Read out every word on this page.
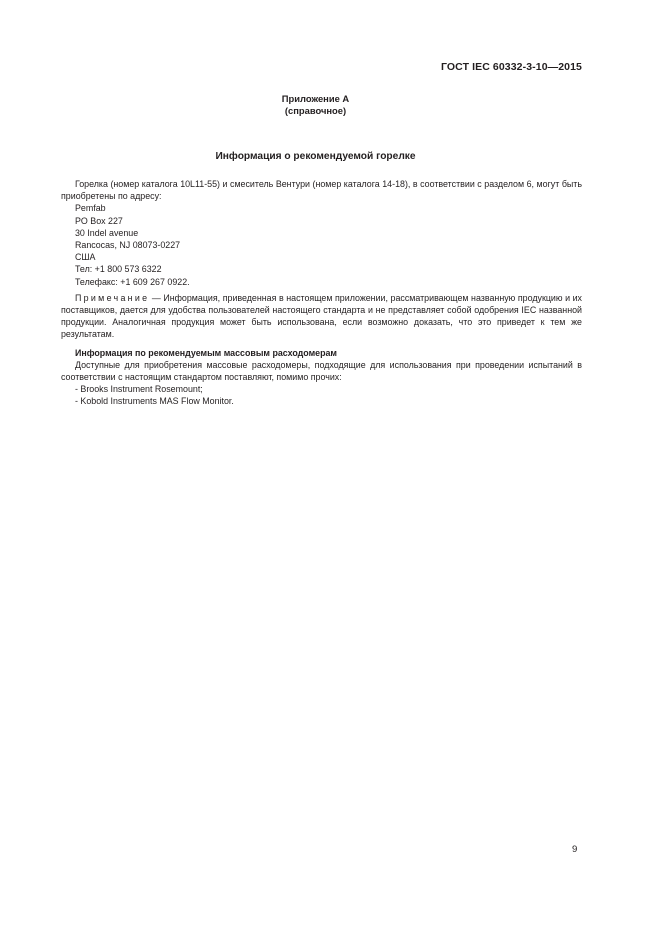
ГОСТ IEC 60332-3-10—2015
Приложение А
(справочное)
Информация о рекомендуемой горелке

Горелка (номер каталога 10L11-55) и смеситель Вентури (номер каталога 14-18), в соответствии с разделом 6, могут быть приобретены по адресу:

Pemfab
PO Box 227
30 Indel avenue
Rancocas, NJ 08073-0227
США
Тел: +1 800 573 6322
Телефакс: +1 609 267 0922.

Примечание — Информация, приведенная в настоящем приложении, рассматривающем названную продукцию и их поставщиков, дается для удобства пользователей настоящего стандарта и не представляет собой одобрения IEC названной продукции. Аналогичная продукция может быть использована, если возможно доказать, что это приведет к тем же результатам.

Информация по рекомендуемым массовым расходомерам

Доступные для приобретения массовые расходомеры, подходящие для использования при проведении испытаний в соответствии с настоящим стандартом поставляют, помимо прочих:

- Brooks Instrument Rosemount;
- Kobold Instruments MAS Flow Monitor.
9
